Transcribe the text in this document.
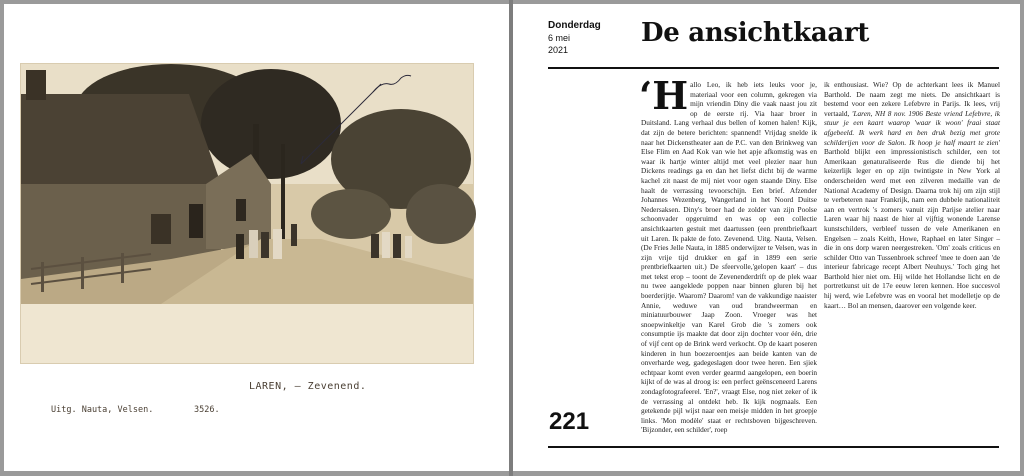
LAREN, — Zevenend.
Uitg. Nauta, Velsen.	3526.
Donderdag
6 mei
2021
De ansichtkaart

‘Hallo Leo, ik heb iets leuks voor je, materiaal voor een column, gekregen via mijn vriendin Diny die vaak naast jou zit op de eerste rij. Via haar broer in Duitsland. Lang verhaal dus bellen of komen halen! Kijk, dat zijn de betere berichten: spannend! Vrijdag snelde ik naar het Dickenstheater aan de P.C. van den Brinkweg van Else Flim en Aad Kok van wie het apje afkomstig was en waar ik hartje winter altijd met veel plezier naar hun Dickens readings ga en dan het liefst dicht bij de warme kachel zit naast de mij niet voor ogen staande Diny. Else haalt de verrassing tevoorschijn. Een brief. Afzender Johannes Wezenberg, Wangerland in het Noord Duitse Nedersaksen. Diny's broer had de zolder van zijn Poolse schoonvader opgeruimd en was op een collectie ansichtkaarten gestuit met daartussen (een prentbriefkaart uit Laren. Ik pakte de foto. Zevenend. Uitg. Nauta, Velsen. (De Fries Jelle Nauta, in 1885 onderwijzer te Velsen, was in zijn vrije tijd drukker en gaf in 1899 een serie prentbriefkaarten uit.) De sfeervolle,'gelopen kaart' – dus met tekst erop – toont de Zevenenderdrift op de plek waar nu twee aangeklede poppen naar binnen gluren bij het boerderijtje. Waarom? Daarom! van de vakkundige naaister Annie, weduwe van oud brandweerman en miniatuurbouwer Jaap Zoon. Vroeger was het snoepwinkeltje van Karel Grob die 's zomers ook consumptie ijs maakte dat door zijn dochter voor één, drie of vijf cent op de Brink werd verkocht. Op de kaart poseren kinderen in hun boezeroentjes aan beide kanten van de onverharde weg, gadegeslagen door twee heren. Een sjiek echtpaar komt even verder gearmd aangelopen, een boerin kijkt of de was al droog is: een perfect geënsceneerd Larens zondagfotografeerel. 'En?', vraagt Else, nog niet zeker of ik de verrassing al ontdekt heb. Ik kijk nogmaals. Een getekende pijl wijst naar een meisje midden in het groepje links. 'Mon modèle' staat er rechtsboven bijgeschreven. 'Bijzonder, een schilder', roep

ik enthousiast. Wie? Op de achterkant lees ik Manuel Barthold. De naam zegt me niets. De ansichtkaart is bestemd voor een zekere Lefebvre in Parijs. Ik lees, vrij vertaald, 'Laren, NH 8 nov. 1906 Beste vriend Lefebvre, ik stuur je een kaart waarop 'waar ik woon' fraai staat afgebeeld. Ik werk hard en ben druk bezig met grote schilderijen voor de Salon. Ik hoop je half maart te zien' Barthold blijkt een impressionistisch schilder, een tot Amerikaan genaturaliseerde Rus die diende bij het keizerlijk leger en op zijn twintigste in New York al onderscheiden werd met een zilveren medaille van de National Academy of Design. Daarna trok hij om zijn stijl te verbeteren naar Frankrijk, nam een dubbele nationaliteit aan en vertrok 's zomers vanuit zijn Parijse atelier naar Laren waar hij naast de hier al vijftig wonende Larense kunstschilders, verbleef tussen de vele Amerikanen en Engelsen – zoals Keith, Howe, Raphael en later Singer – die in ons dorp waren neergestreken. 'Om' zoals criticus en schilder Otto van Tussenbroek schreef 'mee te doen aan 'de interieur fabricage recept Albert Neuhuys.' Toch ging het Barthold hier niet om. Hij wilde het Hollandse licht en de portretkunst uit de 17e eeuw leren kennen. Hoe succesvol hij werd, wie Lefebvre was en vooral het modelletje op de kaart… Bol an mensen, daarover een volgende keer.

221
